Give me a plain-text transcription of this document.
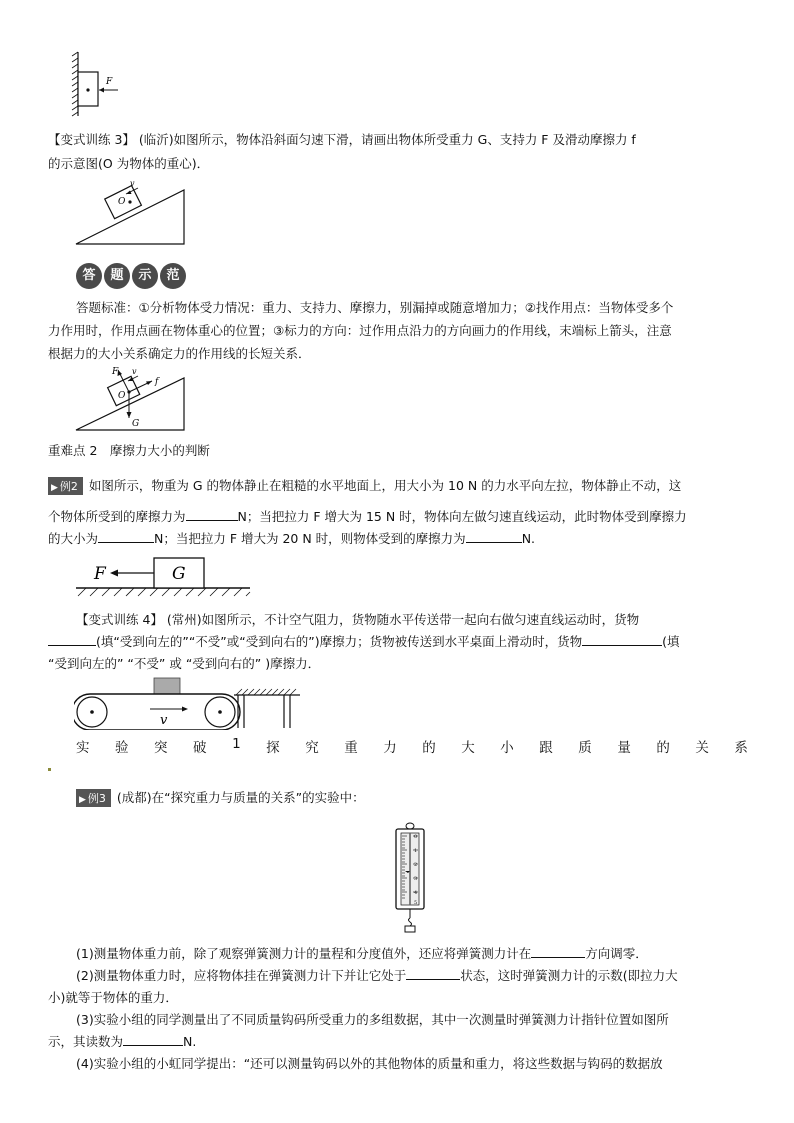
F
【变式训练 3】 (临沂)如图所示，物体沿斜面匀速下滑，请画出物体所受重力 G、支持力 F 及滑动摩擦力 f
的示意图(O 为物体的重心)．
O
v
答 题 示 范
答题标准：①分析物体受力情况：重力、支持力、摩擦力，别漏掉或随意增加力；②找作用点：当物体受多个
力作用时，作用点画在物体重心的位置；③标力的方向：过作用点沿力的方向画力的作用线，末端标上箭头，注意
根据力的大小关系确定力的作用线的长短关系．
O
F
f
v
G
重难点 2　摩擦力大小的判断
▶ 例2 如图所示，物重为 G 的物体静止在粗糙的水平地面上，用大小为 10 N 的力水平向左拉，物体静止不动，这
个物体所受到的摩擦力为	N；当把拉力 F 增大为 15 N 时，物体向左做匀速直线运动，此时物体受到摩擦力
的大小为	N；当把拉力 F 增大为 20 N 时，则物体受到的摩擦力为	N.
G
F
【变式训练 4】 (常州)如图所示，不计空气阻力，货物随水平传送带一起向右做匀速直线运动时，货物
(填“受到向左的”“不受”或“受到向右的”)摩擦力；货物被传送到水平桌面上滑动时，货物	(填
“受到向左的” “不受” 或 “受到向右的” )摩擦力．
v
实 验 突 破 1 探 究 重 力 的 大 小 跟 质 量 的 关 系
▶ 例3 (成都)在“探究重力与质量的关系”的实验中：
0
1
2
3
4
5
(1)测量物体重力前，除了观察弹簧测力计的量程和分度值外，还应将弹簧测力计在	方向调零．
(2)测量物体重力时，应将物体挂在弹簧测力计下并让它处于	状态，这时弹簧测力计的示数(即拉力大
小)就等于物体的重力．
(3)实验小组的同学测量出了不同质量钩码所受重力的多组数据，其中一次测量时弹簧测力计指针位置如图所
示，其读数为	N.
(4)实验小组的小虹同学提出：“还可以测量钩码以外的其他物体的质量和重力，将这些数据与钩码的数据放
